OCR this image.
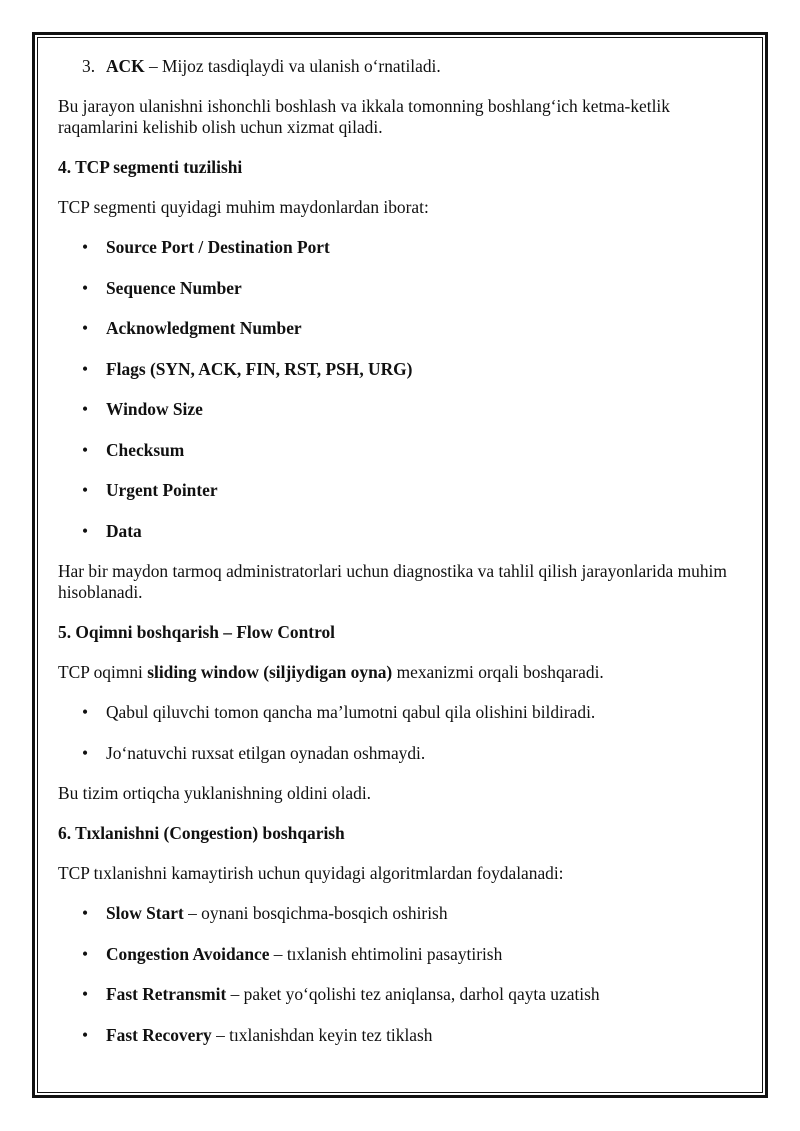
3. ACK – Mijoz tasdiqlaydi va ulanish o‘rnatiladi.

Bu jarayon ulanishni ishonchli boshlash va ikkala tomonning boshlang‘ich ketma-ketlik raqamlarini kelishib olish uchun xizmat qiladi.

4. TCP segmenti tuzilishi

TCP segmenti quyidagi muhim maydonlardan iborat:

• Source Port / Destination Port
• Sequence Number
• Acknowledgment Number
• Flags (SYN, ACK, FIN, RST, PSH, URG)
• Window Size
• Checksum
• Urgent Pointer
• Data

Har bir maydon tarmoq administratorlari uchun diagnostika va tahlil qilish jarayonlarida muhim hisoblanadi.

5. Oqimni boshqarish – Flow Control

TCP oqimni sliding window (siljiydigan oyna) mexanizmi orqali boshqaradi.

• Qabul qiluvchi tomon qancha ma’lumotni qabul qila olishini bildiradi.
• Jo‘natuvchi ruxsat etilgan oynadan oshmaydi.

Bu tizim ortiqcha yuklanishning oldini oladi.

6. Tıxlanishni (Congestion) boshqarish

TCP tıxlanishni kamaytirish uchun quyidagi algoritmlardan foydalanadi:

• Slow Start – oynani bosqichma-bosqich oshirish
• Congestion Avoidance – tıxlanish ehtimolini pasaytirish
• Fast Retransmit – paket yo‘qolishi tez aniqlansa, darhol qayta uzatish
• Fast Recovery – tıxlanishdan keyin tez tiklash
